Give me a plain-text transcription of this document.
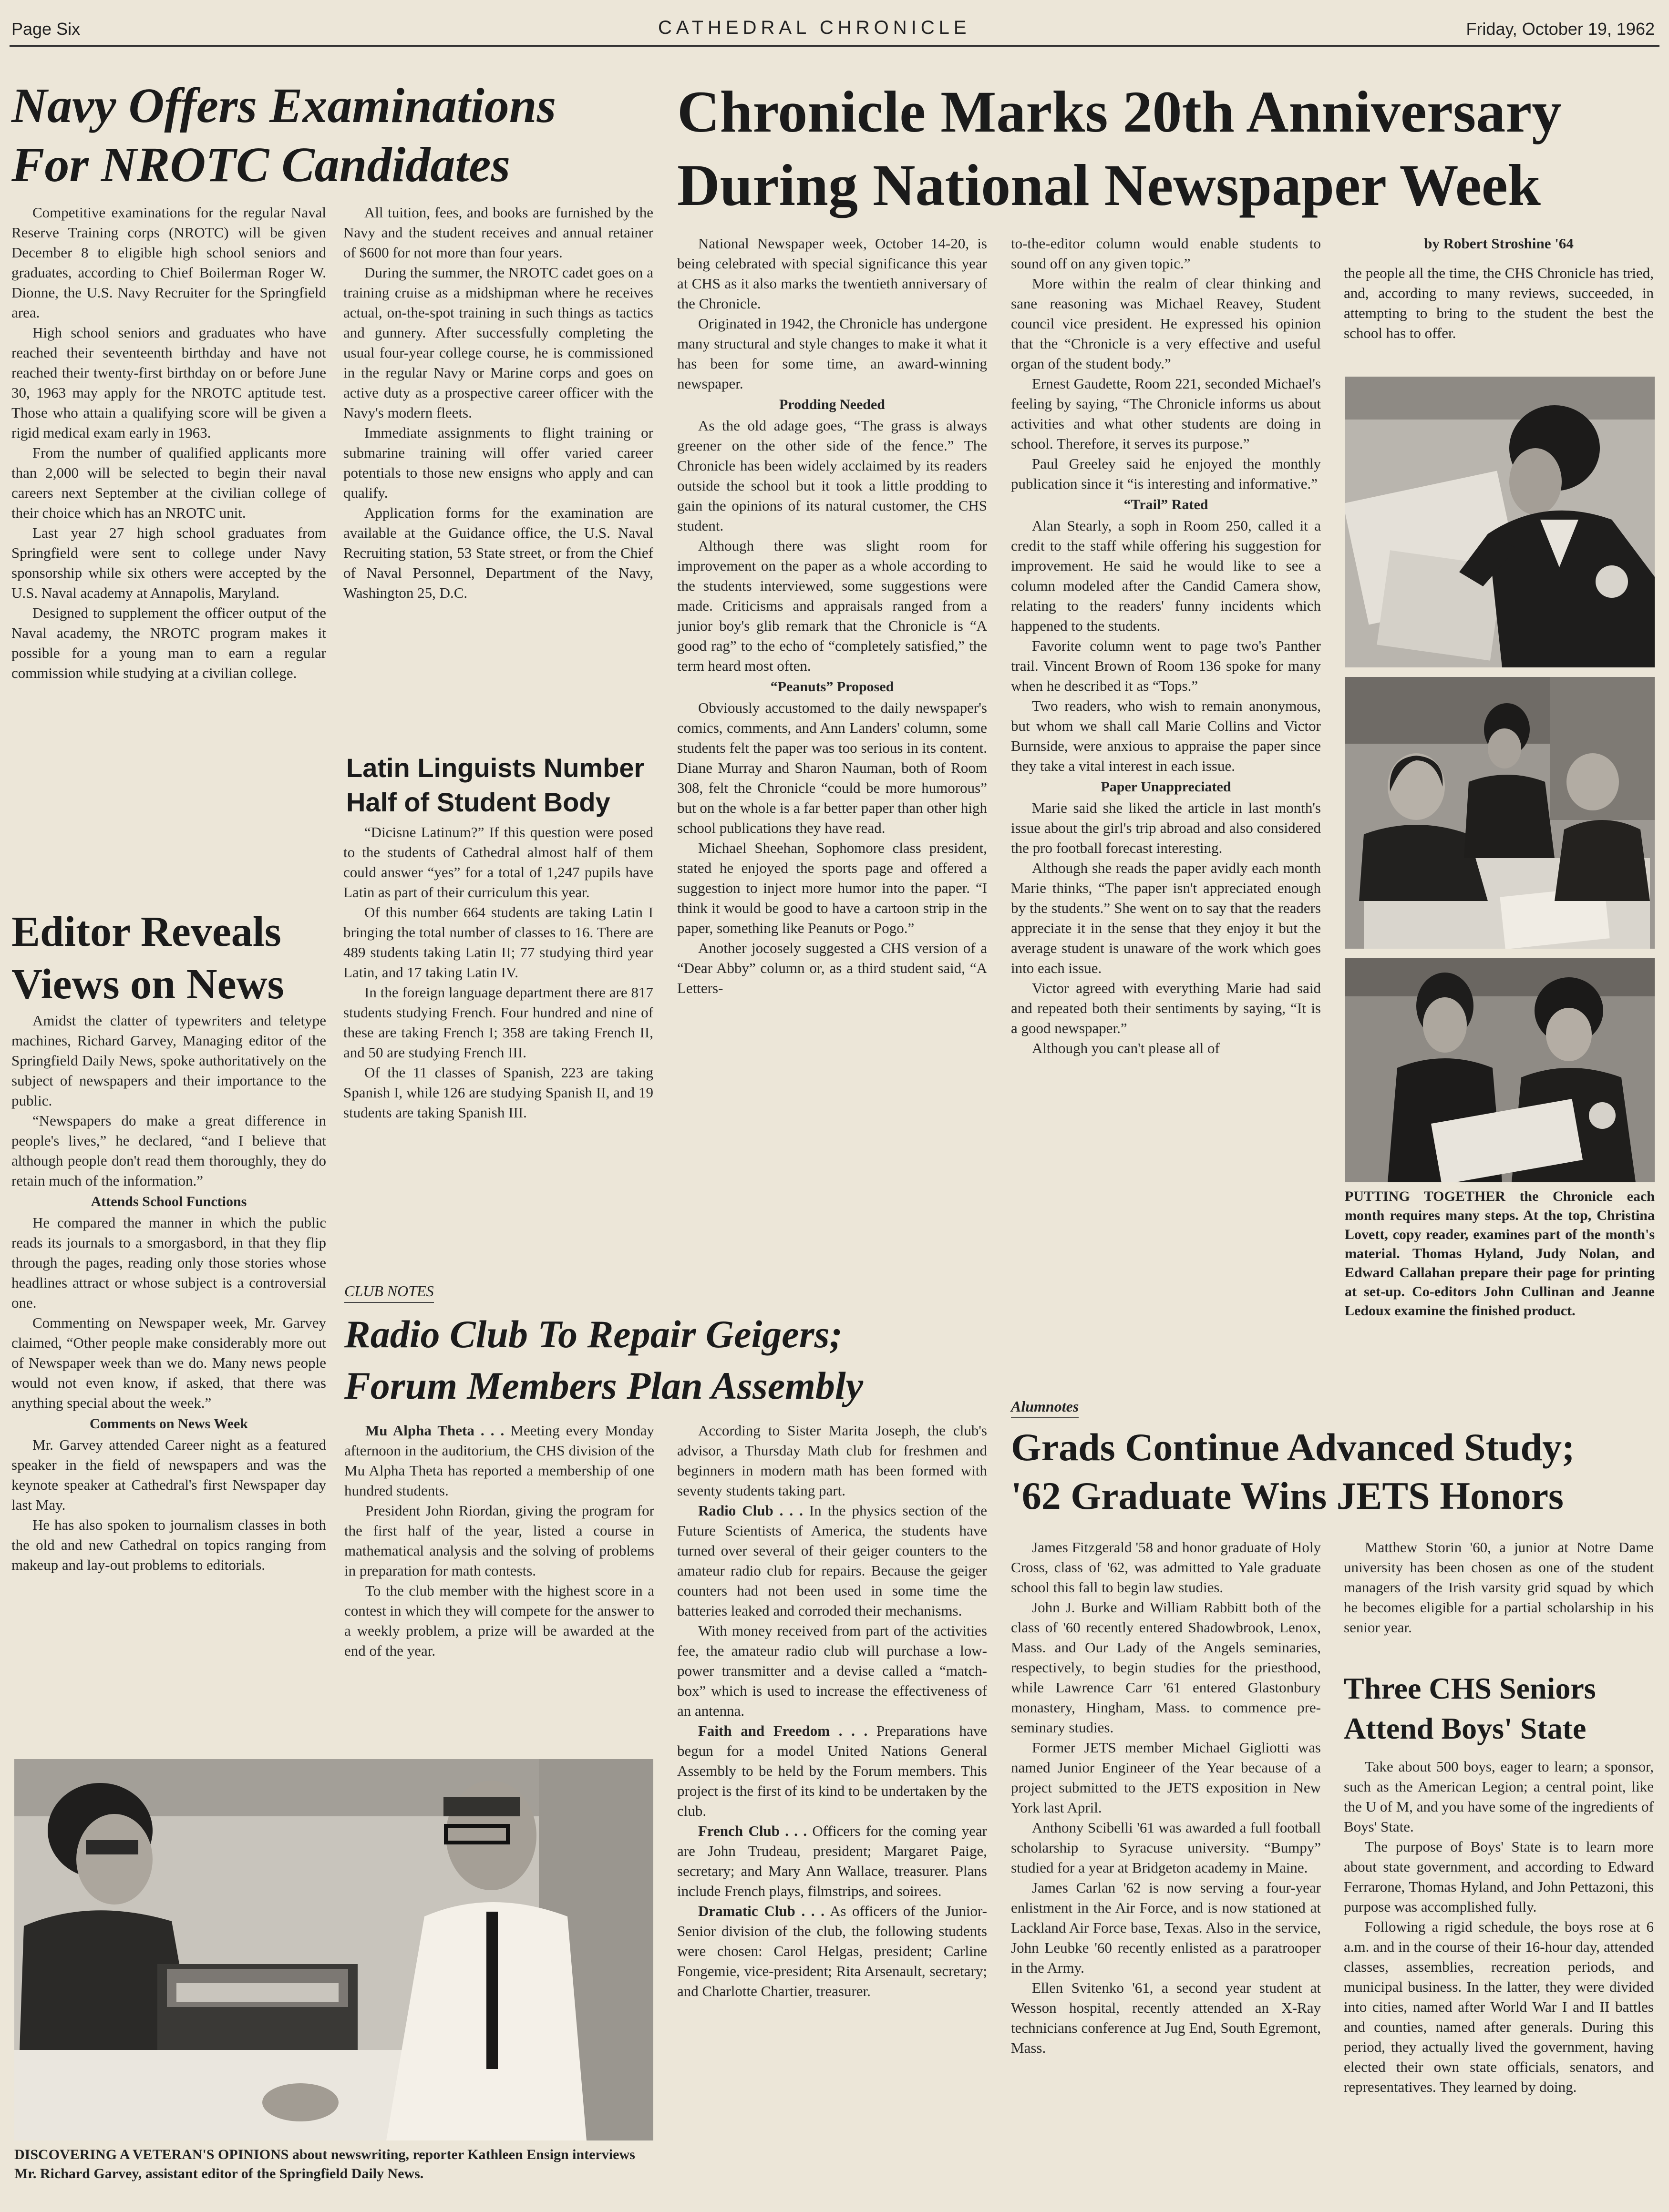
Page Six	CATHEDRAL CHRONICLE	Friday, October 19, 1962
Navy Offers Examinations
For NROTC Candidates

Competitive examinations for the regular Naval Reserve Training corps (NROTC) will be given December 8 to eligible high school seniors and graduates, according to Chief Boilerman Roger W. Dionne, the U.S. Navy Recruiter for the Springfield area.

High school seniors and graduates who have reached their seventeenth birthday and have not reached their twenty-first birthday on or before June 30, 1963 may apply for the NROTC aptitude test. Those who attain a qualifying score will be given a rigid medical exam early in 1963.

From the number of qualified applicants more than 2,000 will be selected to begin their naval careers next September at the civilian college of their choice which has an NROTC unit.

Last year 27 high school graduates from Springfield were sent to college under Navy sponsorship while six others were accepted by the U.S. Naval academy at Annapolis, Maryland.

Designed to supplement the officer output of the Naval academy, the NROTC program makes it possible for a young man to earn a regular commission while studying at a civilian college.

All tuition, fees, and books are furnished by the Navy and the student receives and annual retainer of $600 for not more than four years.

During the summer, the NROTC cadet goes on a training cruise as a midshipman where he receives actual, on-the-spot training in such things as tactics and gunnery. After successfully completing the usual four-year college course, he is commissioned in the regular Navy or Marine corps and goes on active duty as a prospective career officer with the Navy's modern fleets.

Immediate assignments to flight training or submarine training will offer varied career potentials to those new ensigns who apply and can qualify.

Application forms for the examination are available at the Guidance office, the U.S. Naval Recruiting station, 53 State street, or from the Chief of Naval Personnel, Department of the Navy, Washington 25, D.C.

Latin Linguists Number
Half of Student Body

“Dicisne Latinum?” If this question were posed to the students of Cathedral almost half of them could answer “yes” for a total of 1,247 pupils have Latin as part of their curriculum this year.

Of this number 664 students are taking Latin I bringing the total number of classes to 16. There are 489 students taking Latin II; 77 studying third year Latin, and 17 taking Latin IV.

In the foreign language department there are 817 students studying French. Four hundred and nine of these are taking French I; 358 are taking French II, and 50 are studying French III.

Of the 11 classes of Spanish, 223 are taking Spanish I, while 126 are studying Spanish II, and 19 students are taking Spanish III.

Editor Reveals
Views on News

Amidst the clatter of typewriters and teletype machines, Richard Garvey, Managing editor of the Springfield Daily News, spoke authoritatively on the subject of newspapers and their importance to the public.

“Newspapers do make a great difference in people's lives,” he declared, “and I believe that although people don't read them thoroughly, they do retain much of the information.”

Attends School Functions

He compared the manner in which the public reads its journals to a smorgasbord, in that they flip through the pages, reading only those stories whose headlines attract or whose subject is a controversial one.

Commenting on Newspaper week, Mr. Garvey claimed, “Other people make considerably more out of Newspaper week than we do. Many news people would not even know, if asked, that there was anything special about the week.”

Comments on News Week

Mr. Garvey attended Career night as a featured speaker in the field of newspapers and was the keynote speaker at Cathedral's first Newspaper day last May.

He has also spoken to journalism classes in both the old and new Cathedral on topics ranging from makeup and lay-out problems to editorials.

Chronicle Marks 20th Anniversary
During National Newspaper Week

National Newspaper week, October 14-20, is being celebrated with special significance this year at CHS as it also marks the twentieth anniversary of the Chronicle.

Originated in 1942, the Chronicle has undergone many structural and style changes to make it what it has been for some time, an award-winning newspaper.

Prodding Needed

As the old adage goes, “The grass is always greener on the other side of the fence.” The Chronicle has been widely acclaimed by its readers outside the school but it took a little prodding to gain the opinions of its natural customer, the CHS student.

Although there was slight room for improvement on the paper as a whole according to the students interviewed, some suggestions were made. Criticisms and appraisals ranged from a junior boy's glib remark that the Chronicle is “A good rag” to the echo of “completely satisfied,” the term heard most often.

“Peanuts” Proposed

Obviously accustomed to the daily newspaper's comics, comments, and Ann Landers' column, some students felt the paper was too serious in its content. Diane Murray and Sharon Nauman, both of Room 308, felt the Chronicle “could be more humorous” but on the whole is a far better paper than other high school publications they have read.

Michael Sheehan, Sophomore class president, stated he enjoyed the sports page and offered a suggestion to inject more humor into the paper. “I think it would be good to have a cartoon strip in the paper, something like Peanuts or Pogo.”

Another jocosely suggested a CHS version of a “Dear Abby” column or, as a third student said, “A Letters-

to-the-editor column would enable students to sound off on any given topic.”

More within the realm of clear thinking and sane reasoning was Michael Reavey, Student council vice president. He expressed his opinion that the “Chronicle is a very effective and useful organ of the student body.”

Ernest Gaudette, Room 221, seconded Michael's feeling by saying, “The Chronicle informs us about activities and what other students are doing in school. Therefore, it serves its purpose.”

Paul Greeley said he enjoyed the monthly publication since it “is interesting and informative.”

“Trail” Rated

Alan Stearly, a soph in Room 250, called it a credit to the staff while offering his suggestion for improvement. He said he would like to see a column modeled after the Candid Camera show, relating to the readers' funny incidents which happened to the students.

Favorite column went to page two's Panther trail. Vincent Brown of Room 136 spoke for many when he described it as “Tops.”

Two readers, who wish to remain anonymous, but whom we shall call Marie Collins and Victor Burnside, were anxious to appraise the paper since they take a vital interest in each issue.

Paper Unappreciated

Marie said she liked the article in last month's issue about the girl's trip abroad and also considered the pro football forecast interesting.

Although she reads the paper avidly each month Marie thinks, “The paper isn't appreciated enough by the students.” She went on to say that the readers appreciate it in the sense that they enjoy it but the average student is unaware of the work which goes into each issue.

Victor agreed with everything Marie had said and repeated both their sentiments by saying, “It is a good newspaper.”

Although you can't please all of

by Robert Stroshine '64

the people all the time, the CHS Chronicle has tried, and, according to many reviews, succeeded, in attempting to bring to the student the best the school has to offer.

PUTTING TOGETHER the Chronicle each month requires many steps. At the top, Christina Lovett, copy reader, examines part of the month's material. Thomas Hyland, Judy Nolan, and Edward Callahan prepare their page for printing at set-up. Co-editors John Cullinan and Jeanne Ledoux examine the finished product.
CLUB NOTES
Radio Club To Repair Geigers;
Forum Members Plan Assembly

Mu Alpha Theta . . . Meeting every Monday afternoon in the auditorium, the CHS division of the Mu Alpha Theta has reported a membership of one hundred students.

President John Riordan, giving the program for the first half of the year, listed a course in mathematical analysis and the solving of problems in preparation for math contests.

To the club member with the highest score in a contest in which they will compete for the answer to a weekly problem, a prize will be awarded at the end of the year.

According to Sister Marita Joseph, the club's advisor, a Thursday Math club for freshmen and beginners in modern math has been formed with seventy students taking part.

Radio Club . . . In the physics section of the Future Scientists of America, the students have turned over several of their geiger counters to the amateur radio club for repairs. Because the geiger counters had not been used in some time the batteries leaked and corroded their mechanisms.

With money received from part of the activities fee, the amateur radio club will purchase a low-power transmitter and a devise called a “match-box” which is used to increase the effectiveness of an antenna.

Faith and Freedom . . . Preparations have begun for a model United Nations General Assembly to be held by the Forum members. This project is the first of its kind to be undertaken by the club.

French Club . . . Officers for the coming year are John Trudeau, president; Margaret Paige, secretary; and Mary Ann Wallace, treasurer. Plans include French plays, filmstrips, and soirees.

Dramatic Club . . . As officers of the Junior-Senior division of the club, the following students were chosen: Carol Helgas, president; Carline Fongemie, vice-president; Rita Arsenault, secretary; and Charlotte Chartier, treasurer.

DISCOVERING A VETERAN'S OPINIONS about newswriting, reporter Kathleen Ensign interviews Mr. Richard Garvey, assistant editor of the Springfield Daily News.
Alumnotes
Grads Continue Advanced Study;
'62 Graduate Wins JETS Honors

James Fitzgerald '58 and honor graduate of Holy Cross, class of '62, was admitted to Yale graduate school this fall to begin law studies.

John J. Burke and William Rabbitt both of the class of '60 recently entered Shadowbrook, Lenox, Mass. and Our Lady of the Angels seminaries, respectively, to begin studies for the priesthood, while Lawrence Carr '61 entered Glastonbury monastery, Hingham, Mass. to commence pre-seminary studies.

Former JETS member Michael Gigliotti was named Junior Engineer of the Year because of a project submitted to the JETS exposition in New York last April.

Anthony Scibelli '61 was awarded a full football scholarship to Syracuse university. “Bumpy” studied for a year at Bridgeton academy in Maine.

James Carlan '62 is now serving a four-year enlistment in the Air Force, and is now stationed at Lackland Air Force base, Texas. Also in the service, John Leubke '60 recently enlisted as a paratrooper in the Army.

Ellen Svitenko '61, a second year student at Wesson hospital, recently attended an X-Ray technicians conference at Jug End, South Egremont, Mass.

Matthew Storin '60, a junior at Notre Dame university has been chosen as one of the student managers of the Irish varsity grid squad by which he becomes eligible for a partial scholarship in his senior year.

Three CHS Seniors
Attend Boys' State

Take about 500 boys, eager to learn; a sponsor, such as the American Legion; a central point, like the U of M, and you have some of the ingredients of Boys' State.

The purpose of Boys' State is to learn more about state government, and according to Edward Ferrarone, Thomas Hyland, and John Pettazoni, this purpose was accomplished fully.

Following a rigid schedule, the boys rose at 6 a.m. and in the course of their 16-hour day, attended classes, assemblies, recreation periods, and municipal business. In the latter, they were divided into cities, named after World War I and II battles and counties, named after generals. During this period, they actually lived the government, having elected their own state officials, senators, and representatives. They learned by doing.
